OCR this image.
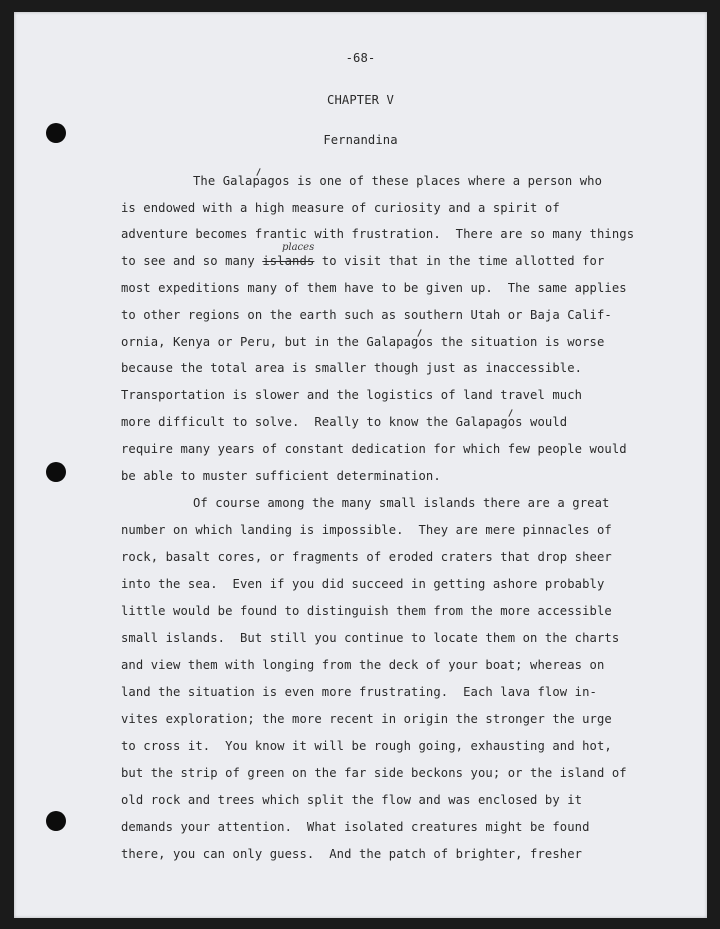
-68-
CHAPTER V
Fernandina
The Galapagos is one of these places where a person who
is endowed with a high measure of curiosity and a spirit of
adventure becomes frantic with frustration.  There are so many things
to see and so many islands to visit that in the time allotted for
places
most expeditions many of them have to be given up.  The same applies
to other regions on the earth such as southern Utah or Baja Calif-
ornia, Kenya or Peru, but in the Galapagos the situation is worse
because the total area is smaller though just as inaccessible.
Transportation is slower and the logistics of land travel much
more difficult to solve.  Really to know the Galapagos would
require many years of constant dedication for which few people would
be able to muster sufficient determination.
Of course among the many small islands there are a great
number on which landing is impossible.  They are mere pinnacles of
rock, basalt cores, or fragments of eroded craters that drop sheer
into the sea.  Even if you did succeed in getting ashore probably
little would be found to distinguish them from the more accessible
small islands.  But still you continue to locate them on the charts
and view them with longing from the deck of your boat; whereas on
land the situation is even more frustrating.  Each lava flow in-
vites exploration; the more recent in origin the stronger the urge
to cross it.  You know it will be rough going, exhausting and hot,
but the strip of green on the far side beckons you; or the island of
old rock and trees which split the flow and was enclosed by it
demands your attention.  What isolated creatures might be found
there, you can only guess.  And the patch of brighter, fresher
